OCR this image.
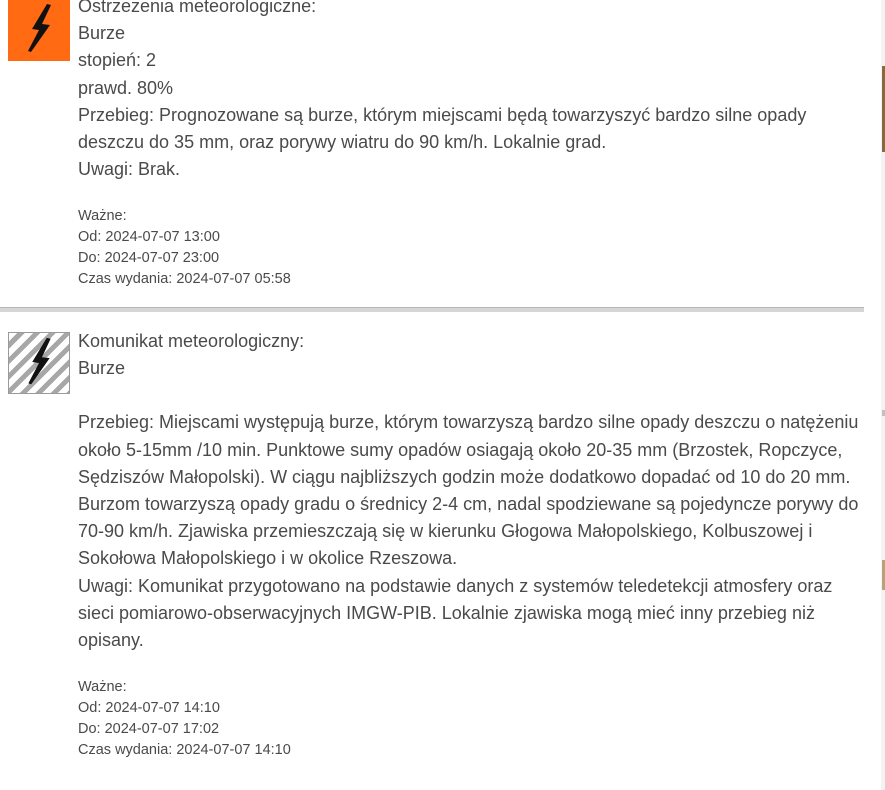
Ostrzeżenia meteorologiczne:

Burze

stopień: 2

prawd. 80%

Przebieg: Prognozowane są burze, którym miejscami będą towarzyszyć bardzo silne opady deszczu do 35 mm, oraz porywy wiatru do 90 km/h. Lokalnie grad.

Uwagi: Brak.

Ważne:

Od: 2024-07-07 13:00

Do: 2024-07-07 23:00

Czas wydania: 2024-07-07 05:58

Komunikat meteorologiczny:

Burze

Przebieg: Miejscami występują burze, którym towarzyszą bardzo silne opady deszczu o natężeniu około 5-15mm /10 min. Punktowe sumy opadów osiagają około 20-35 mm (Brzostek, Ropczyce, Sędziszów Małopolski). W ciągu najbliższych godzin może dodatkowo dopadać od 10 do 20 mm. Burzom towarzyszą opady gradu o średnicy 2-4 cm, nadal spodziewane są pojedyncze porywy do 70-90 km/h. Zjawiska przemieszczają się w kierunku Głogowa Małopolskiego, Kolbuszowej i Sokołowa Małopolskiego i w okolice Rzeszowa.

Uwagi: Komunikat przygotowano na podstawie danych z systemów teledetekcji atmosfery oraz sieci pomiarowo-obserwacyjnych IMGW-PIB. Lokalnie zjawiska mogą mieć inny przebieg niż opisany.

Ważne:

Od: 2024-07-07 14:10

Do: 2024-07-07 17:02

Czas wydania: 2024-07-07 14:10
